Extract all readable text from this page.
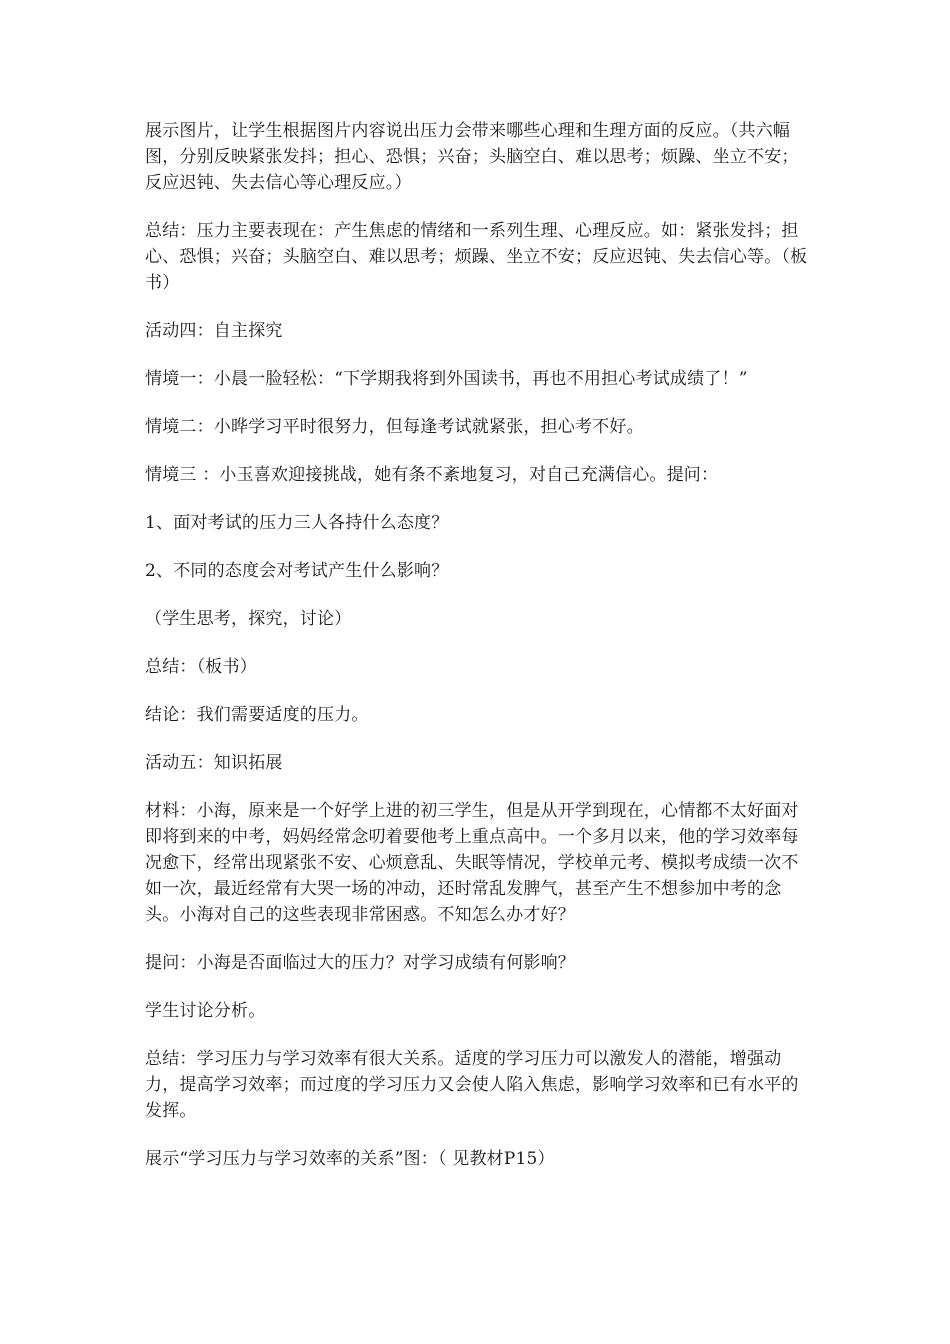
展示图片，让学生根据图片内容说出压力会带来哪些心理和生理方面的反应。（共六幅图，分别反映紧张发抖；担心、恐惧；兴奋；头脑空白、难以思考；烦躁、坐立不安；反应迟钝、失去信心等心理反应。）

总结：压力主要表现在：产生焦虑的情绪和一系列生理、心理反应。如：紧张发抖；担心、恐惧；兴奋；头脑空白、难以思考；烦躁、坐立不安；反应迟钝、失去信心等。（板书）

活动四：自主探究

情境一：小晨一脸轻松：“下学期我将到外国读书，再也不用担心考试成绩了！”

情境二：小晔学习平时很努力，但每逢考试就紧张，担心考不好。

情境三 ：小玉喜欢迎接挑战，她有条不紊地复习，对自己充满信心。提问：

1、面对考试的压力三人各持什么态度？

2、不同的态度会对考试产生什么影响？

（学生思考，探究，讨论）

总结：（板书）

结论：我们需要适度的压力。

活动五：知识拓展

材料：小海，原来是一个好学上进的初三学生，但是从开学到现在，心情都不太好面对即将到来的中考，妈妈经常念叨着要他考上重点高中。一个多月以来，他的学习效率每况愈下，经常出现紧张不安、心烦意乱、失眠等情况，学校单元考、模拟考成绩一次不如一次，最近经常有大哭一场的冲动，还时常乱发脾气，甚至产生不想参加中考的念头。小海对自己的这些表现非常困惑。不知怎么办才好？

提问：小海是否面临过大的压力？对学习成绩有何影响？

学生讨论分析。

总结：学习压力与学习效率有很大关系。适度的学习压力可以激发人的潜能，增强动力，提高学习效率；而过度的学习压力又会使人陷入焦虑，影响学习效率和已有水平的发挥。

展示“学习压力与学习效率的关系”图：（ 见教材P15）
